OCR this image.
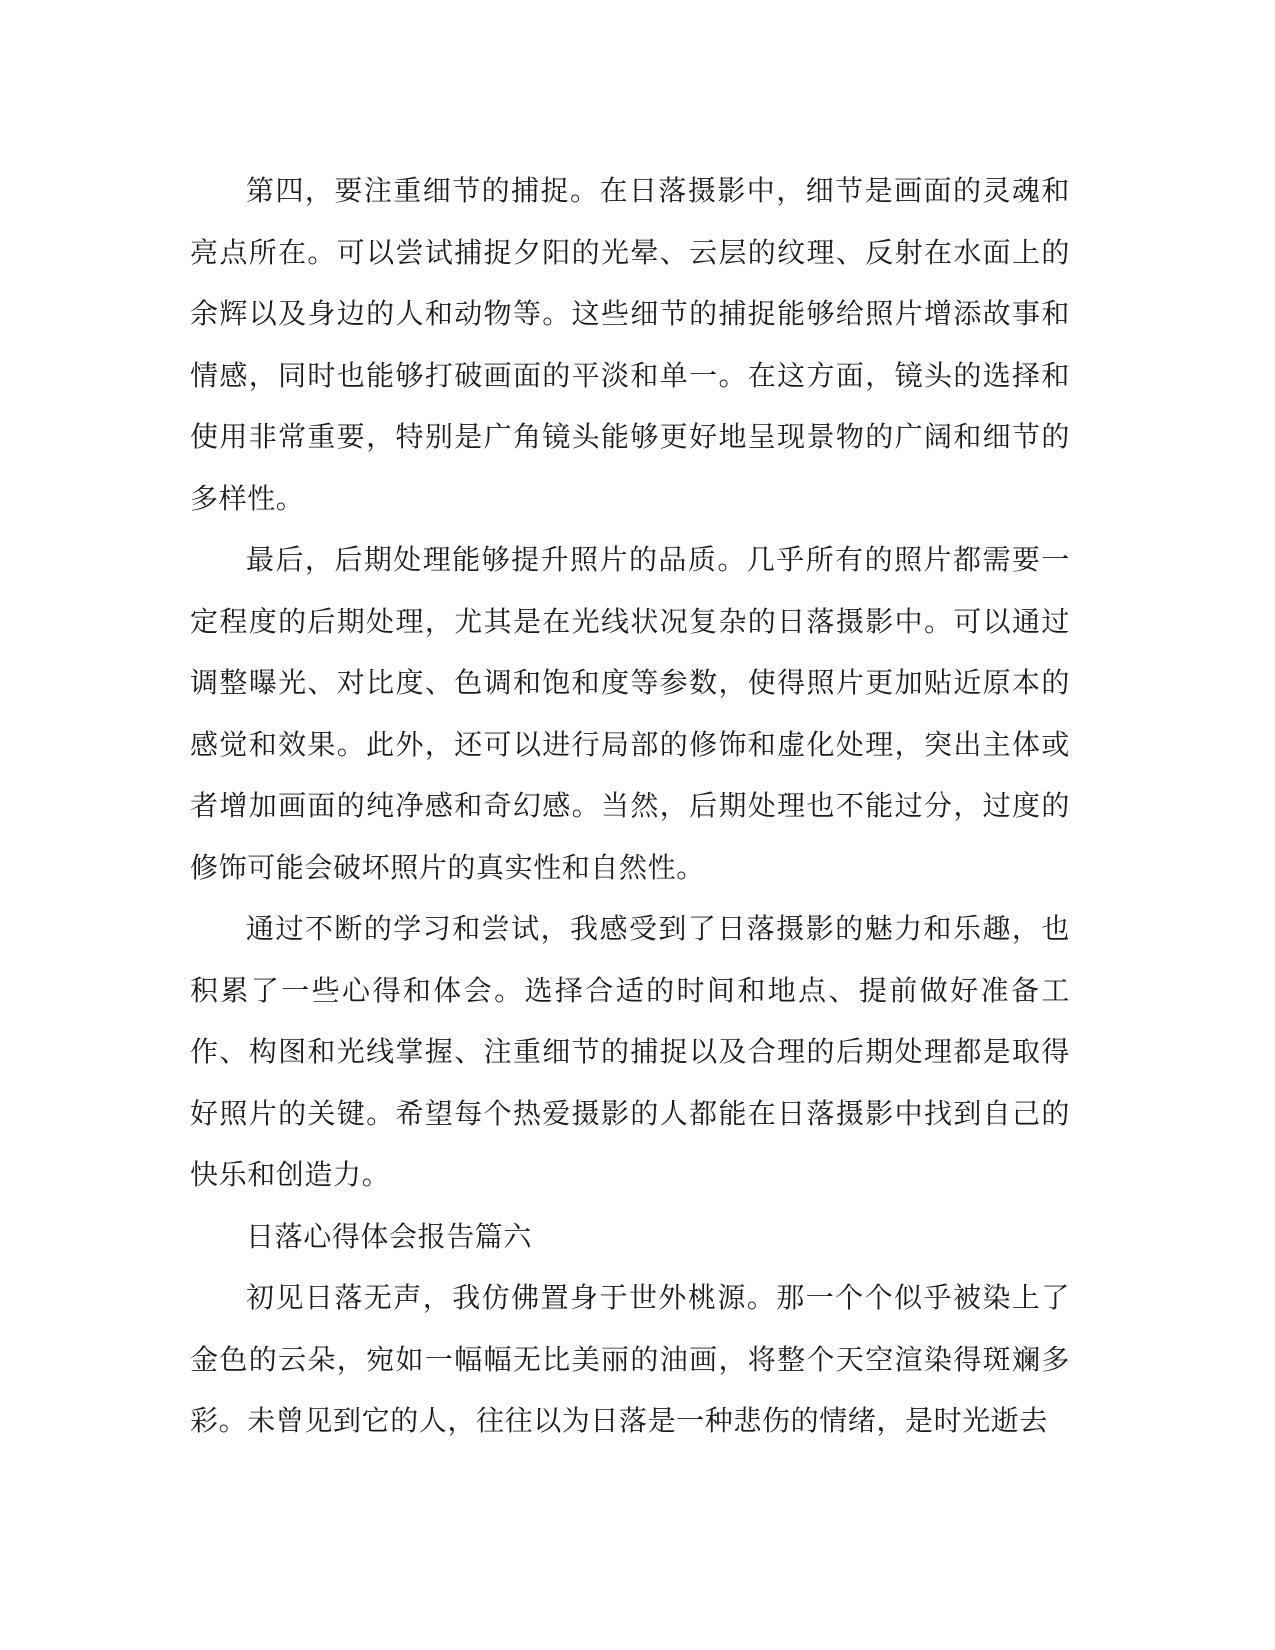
第四，要注重细节的捕捉。在日落摄影中，细节是画面的灵魂和亮点所在。可以尝试捕捉夕阳的光晕、云层的纹理、反射在水面上的余辉以及身边的人和动物等。这些细节的捕捉能够给照片增添故事和情感，同时也能够打破画面的平淡和单一。在这方面，镜头的选择和使用非常重要，特别是广角镜头能够更好地呈现景物的广阔和细节的多样性。

最后，后期处理能够提升照片的品质。几乎所有的照片都需要一定程度的后期处理，尤其是在光线状况复杂的日落摄影中。可以通过调整曝光、对比度、色调和饱和度等参数，使得照片更加贴近原本的感觉和效果。此外，还可以进行局部的修饰和虚化处理，突出主体或者增加画面的纯净感和奇幻感。当然，后期处理也不能过分，过度的修饰可能会破坏照片的真实性和自然性。

通过不断的学习和尝试，我感受到了日落摄影的魅力和乐趣，也积累了一些心得和体会。选择合适的时间和地点、提前做好准备工作、构图和光线掌握、注重细节的捕捉以及合理的后期处理都是取得好照片的关键。希望每个热爱摄影的人都能在日落摄影中找到自己的快乐和创造力。

日落心得体会报告篇六

初见日落无声，我仿佛置身于世外桃源。那一个个似乎被染上了金色的云朵，宛如一幅幅无比美丽的油画，将整个天空渲染得斑斓多彩。未曾见到它的人，往往以为日落是一种悲伤的情绪，是时光逝去
